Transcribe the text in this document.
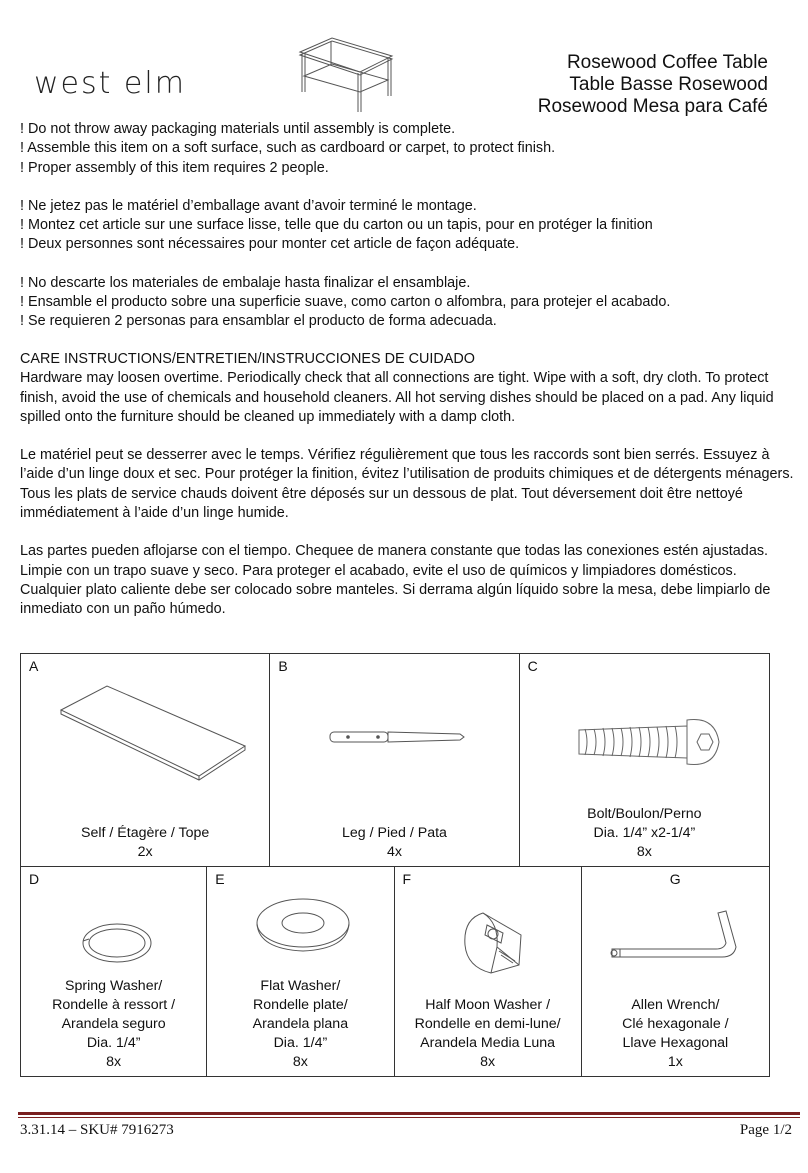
west elm
Rosewood Coffee Table
Table Basse Rosewood
Rosewood Mesa para Café

! Do not throw away packaging materials until assembly is complete.

! Assemble this item on a soft surface, such as cardboard or carpet, to protect finish.

! Proper assembly of this item requires 2 people.

! Ne jetez pas le matériel d’emballage avant d’avoir terminé le montage.

! Montez cet article sur une surface lisse, telle que du carton ou un tapis, pour en protéger la finition

! Deux personnes sont nécessaires pour monter cet article de façon adéquate.

! No descarte los materiales de embalaje hasta finalizar el ensamblaje.

! Ensamble el producto sobre una superficie suave, como carton o alfombra, para protejer el acabado.

! Se requieren 2 personas para ensamblar el producto de forma adecuada.

CARE INSTRUCTIONS/ENTRETIEN/INSTRUCCIONES DE CUIDADO

Hardware may loosen overtime. Periodically check that all connections are tight. Wipe with a soft, dry cloth. To protect finish, avoid the use of chemicals and household cleaners. All hot serving dishes should be placed on a pad. Any liquid spilled onto the furniture should be cleaned up immediately with a damp cloth.

Le matériel peut se desserrer avec le temps. Vérifiez régulièrement que tous les raccords sont bien serrés. Essuyez à l’aide d’un linge doux et sec. Pour protéger la finition, évitez l’utilisation de produits chimiques et de détergents ménagers. Tous les plats de service chauds doivent être déposés sur un dessous de plat. Tout déversement doit être nettoyé immédiatement à l’aide d’un linge humide.

Las partes pueden aflojarse con el tiempo. Chequee de manera constante que todas las conexiones estén ajustadas. Limpie con un trapo suave y seco. Para proteger el acabado, evite el uso de químicos y limpiadores domésticos. Cualquier plato caliente debe ser colocado sobre manteles. Si derrama algún líquido sobre la mesa, debe limpiarlo de inmediato con un paño húmedo.

A
Self / Étagère / Tope
2x

B
Leg / Pied / Pata
4x

C
Bolt/Boulon/Perno
Dia. 1/4” x2-1/4”
8x
D
Spring Washer/
Rondelle à ressort /
Arandela seguro
Dia. 1/4”
8x

E
Flat Washer/
Rondelle plate/
Arandela plana
Dia. 1/4”
8x

F
Half Moon Washer /
Rondelle en demi-lune/
Arandela Media Luna
8x

G
Allen Wrench/
Clé hexagonale /
Llave Hexagonal
1x
3.31.14 – SKU# 7916273	Page 1/2
